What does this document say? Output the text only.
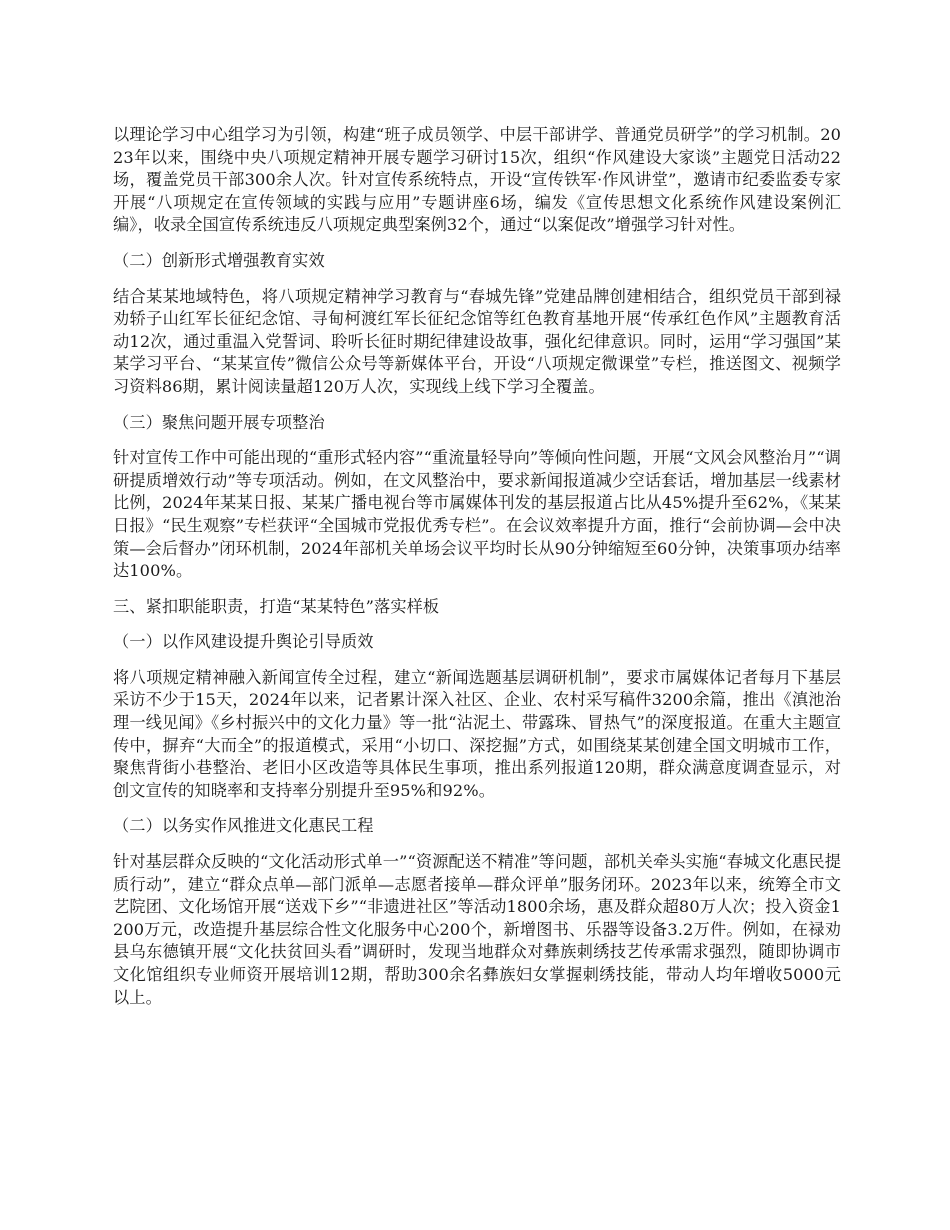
以理论学习中心组学习为引领，构建“班子成员领学、中层干部讲学、普通党员研学”的学习机制。2023年以来，围绕中央八项规定精神开展专题学习研讨15次，组织“作风建设大家谈”主题党日活动22场，覆盖党员干部300余人次。针对宣传系统特点，开设“宣传铁军·作风讲堂”，邀请市纪委监委专家开展“八项规定在宣传领域的实践与应用”专题讲座6场，编发《宣传思想文化系统作风建设案例汇编》，收录全国宣传系统违反八项规定典型案例32个，通过“以案促改”增强学习针对性。

（二）创新形式增强教育实效

结合某某地域特色，将八项规定精神学习教育与“春城先锋”党建品牌创建相结合，组织党员干部到禄劝轿子山红军长征纪念馆、寻甸柯渡红军长征纪念馆等红色教育基地开展“传承红色作风”主题教育活动12次，通过重温入党誓词、聆听长征时期纪律建设故事，强化纪律意识。同时，运用“学习强国”某某学习平台、“某某宣传”微信公众号等新媒体平台，开设“八项规定微课堂”专栏，推送图文、视频学习资料86期，累计阅读量超120万人次，实现线上线下学习全覆盖。

（三）聚焦问题开展专项整治

针对宣传工作中可能出现的“重形式轻内容”“重流量轻导向”等倾向性问题，开展“文风会风整治月”“调研提质增效行动”等专项活动。例如，在文风整治中，要求新闻报道减少空话套话，增加基层一线素材比例，2024年某某日报、某某广播电视台等市属媒体刊发的基层报道占比从45%提升至62%，《某某日报》“民生观察”专栏获评“全国城市党报优秀专栏”。在会议效率提升方面，推行“会前协调—会中决策—会后督办”闭环机制，2024年部机关单场会议平均时长从90分钟缩短至60分钟，决策事项办结率达100%。

三、紧扣职能职责，打造“某某特色”落实样板

（一）以作风建设提升舆论引导质效

将八项规定精神融入新闻宣传全过程，建立“新闻选题基层调研机制”，要求市属媒体记者每月下基层采访不少于15天，2024年以来，记者累计深入社区、企业、农村采写稿件3200余篇，推出《滇池治理一线见闻》《乡村振兴中的文化力量》等一批“沾泥土、带露珠、冒热气”的深度报道。在重大主题宣传中，摒弃“大而全”的报道模式，采用“小切口、深挖掘”方式，如围绕某某创建全国文明城市工作，聚焦背街小巷整治、老旧小区改造等具体民生事项，推出系列报道120期，群众满意度调查显示，对创文宣传的知晓率和支持率分别提升至95%和92%。

（二）以务实作风推进文化惠民工程

针对基层群众反映的“文化活动形式单一”“资源配送不精准”等问题，部机关牵头实施“春城文化惠民提质行动”，建立“群众点单—部门派单—志愿者接单—群众评单”服务闭环。2023年以来，统筹全市文艺院团、文化场馆开展“送戏下乡”“非遗进社区”等活动1800余场，惠及群众超80万人次；投入资金1200万元，改造提升基层综合性文化服务中心200个，新增图书、乐器等设备3.2万件。例如，在禄劝县乌东德镇开展“文化扶贫回头看”调研时，发现当地群众对彝族刺绣技艺传承需求强烈，随即协调市文化馆组织专业师资开展培训12期，帮助300余名彝族妇女掌握刺绣技能，带动人均年增收5000元以上。
